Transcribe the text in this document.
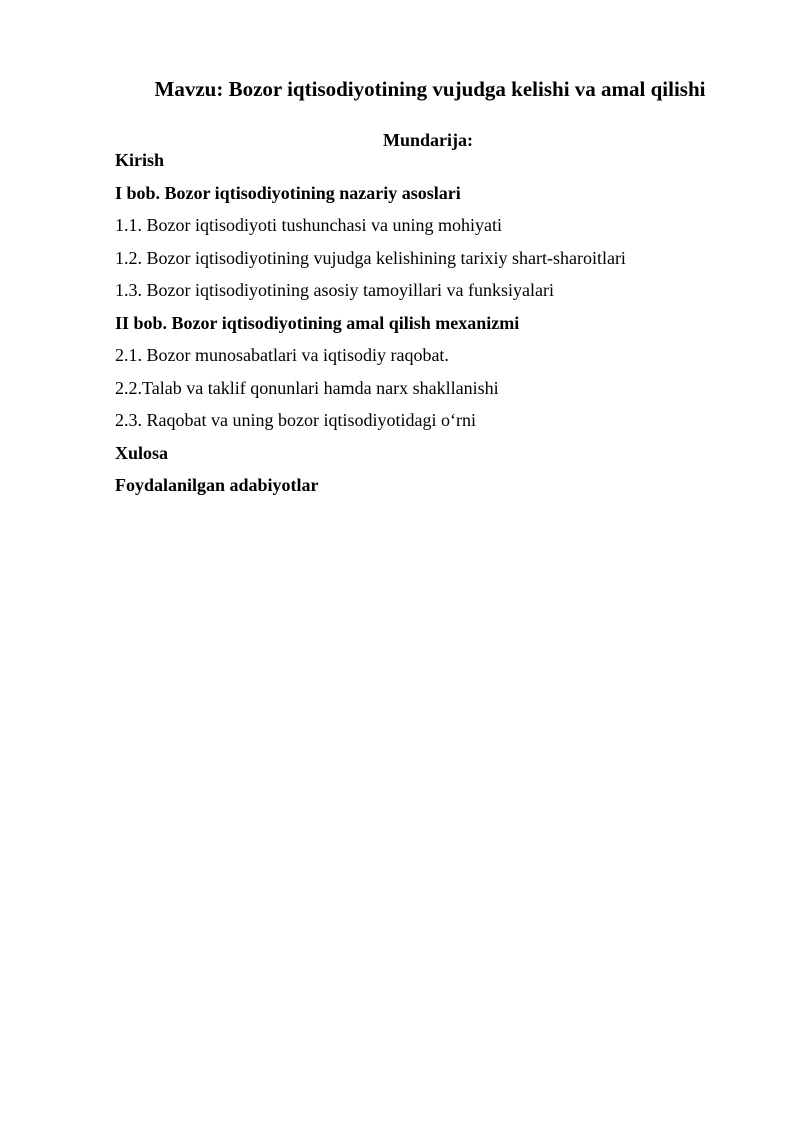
Mavzu: Bozor iqtisodiyotining vujudga kelishi va amal qilishi
Mundarija:
Kirish
I bob. Bozor iqtisodiyotining nazariy asoslari
1.1. Bozor iqtisodiyoti tushunchasi va uning mohiyati
1.2. Bozor iqtisodiyotining vujudga kelishining tarixiy shart-sharoitlari
1.3. Bozor iqtisodiyotining asosiy tamoyillari va funksiyalari
II bob. Bozor iqtisodiyotining amal qilish mexanizmi
2.1. Bozor munosabatlari va iqtisodiy raqobat.
2.2.Talab va taklif qonunlari hamda narx shakllanishi
2.3. Raqobat va uning bozor iqtisodiyotidagi o‘rni
Xulosa
Foydalanilgan adabiyotlar
